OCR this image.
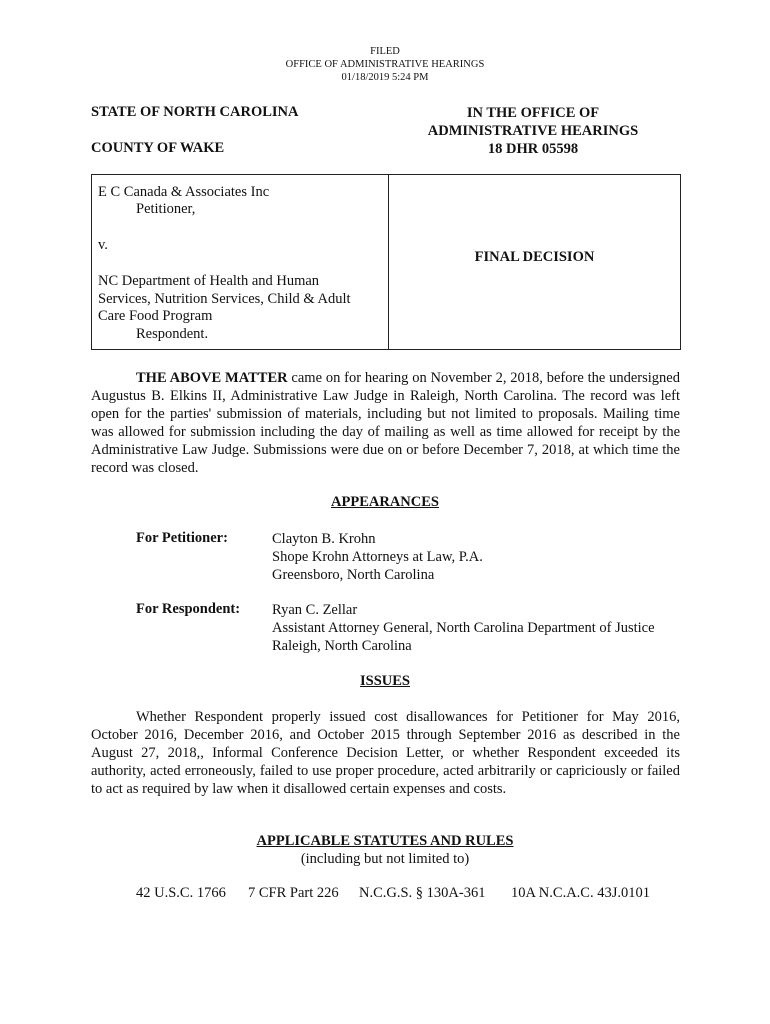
FILED
OFFICE OF ADMINISTRATIVE HEARINGS
01/18/2019 5:24 PM
STATE OF NORTH CAROLINA
COUNTY OF WAKE
IN THE OFFICE OF
ADMINISTRATIVE HEARINGS
18 DHR 05598
E C Canada & Associates Inc
Petitioner,
v.
NC Department of Health and Human
Services, Nutrition Services, Child & Adult
Care Food Program
Respondent.
FINAL DECISION

THE ABOVE MATTER came on for hearing on November 2, 2018, before the undersigned Augustus B. Elkins II, Administrative Law Judge in Raleigh, North Carolina. The record was left open for the parties' submission of materials, including but not limited to proposals. Mailing time was allowed for submission including the day of mailing as well as time allowed for receipt by the Administrative Law Judge. Submissions were due on or before December 7, 2018, at which time the record was closed.

APPEARANCES
For Petitioner:	Clayton B. Krohn
Shope Krohn Attorneys at Law, P.A.
Greensboro, North Carolina
For Respondent: Ryan C. Zellar
Assistant Attorney General, North Carolina Department of Justice
Raleigh, North Carolina
ISSUES

Whether Respondent properly issued cost disallowances for Petitioner for May 2016, October 2016, December 2016, and October 2015 through September 2016 as described in the August 27, 2018,, Informal Conference Decision Letter, or whether Respondent exceeded its authority, acted erroneously, failed to use proper procedure, acted arbitrarily or capriciously or failed to act as required by law when it disallowed certain expenses and costs.

APPLICABLE STATUTES AND RULES
(including but not limited to)
42 U.S.C. 1766 7 CFR Part 226 N.C.G.S. § 130A-361 10A N.C.A.C. 43J.0101
